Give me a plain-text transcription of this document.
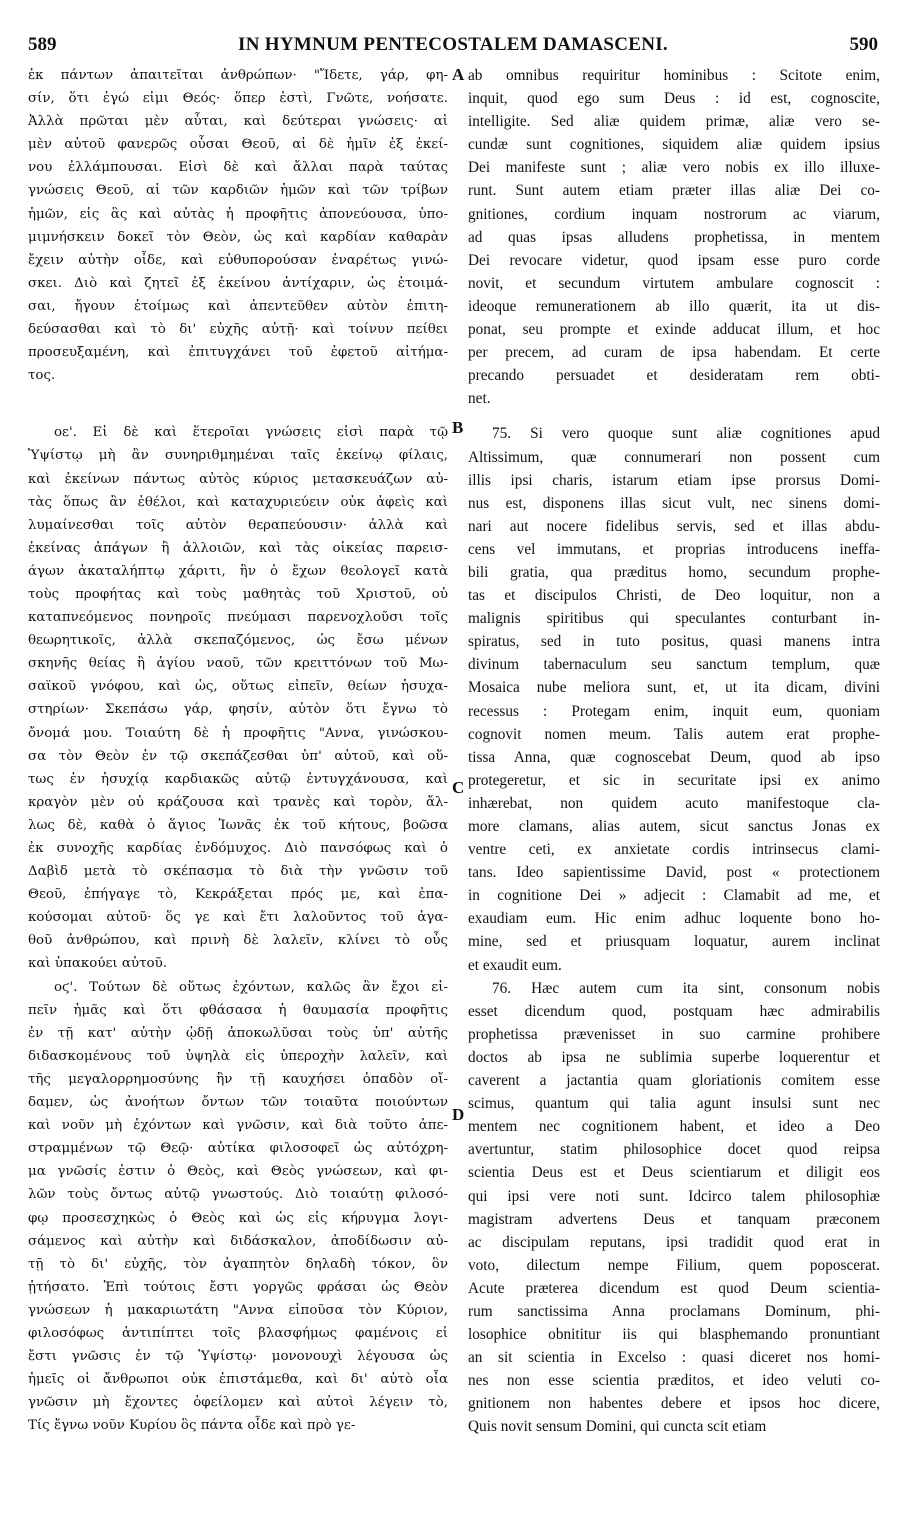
589	IN HYMNUM PENTECOSTALEM DAMASCENI.	590
A
B
C
D
ἐκ πάντων ἀπαιτεῖται ἀνθρώπων· "Ἴδετε, γάρ, φη-
σίν, ὅτι ἐγώ εἰμι Θεός· ὅπερ ἐστὶ, Γνῶτε, νοήσατε.
Ἀλλὰ πρῶται μὲν αὗται, καὶ δεύτεραι γνώσεις· αἱ
μὲν αὐτοῦ φανερῶς οὖσαι Θεοῦ, αἱ δὲ ἡμῖν ἐξ ἐκεί-
νου ἐλλάμπουσαι. Εἰσὶ δὲ καὶ ἄλλαι παρὰ ταύτας
γνώσεις Θεοῦ, αἱ τῶν καρδιῶν ἡμῶν καὶ τῶν τρίβων
ἡμῶν, εἰς ἃς καὶ αὐτὰς ἡ προφῆτις ἀπονεύουσα, ὑπο-
μιμνήσκειν δοκεῖ τὸν Θεὸν, ὡς καὶ καρδίαν καθαρὰν
ἔχειν αὐτὴν οἶδε, καὶ εὐθυπορούσαν ἐναρέτως γινώ-
σκει. Διὸ καὶ ζητεῖ ἐξ ἐκείνου ἀντίχαριν, ὡς ἑτοιμά-
σαι, ἤγουν ἑτοίμως καὶ ἀπεντεῦθεν αὐτὸν ἐπιτη-
δεύσασθαι καὶ τὸ δι' εὐχῆς αὐτῇ· καὶ τοίνυν πείθει
προσευξαμένη, καὶ ἐπιτυγχάνει τοῦ ἐφετοῦ αἰτήμα-
τος.
οε'. Εἰ δὲ καὶ ἕτεροῖαι γνώσεις εἰσὶ παρὰ τῷ
Ὑψίστῳ μὴ ἂν συνηριθμημέναι ταῖς ἐκείνῳ φίλαις,
καὶ ἐκείνων πάντως αὐτὸς κύριος μετασκευάζων αὐ-
τὰς ὅπως ἂν ἐθέλοι, καὶ καταχυριεύειν οὐκ ἀφεὶς καὶ
λυμαίνεσθαι τοῖς αὐτὸν θεραπεύουσιν· ἀλλὰ καὶ
ἐκείνας ἀπάγων ἢ ἀλλοιῶν, καὶ τὰς οἰκείας παρεισ-
άγων ἀκαταλήπτῳ χάριτι, ἣν ὁ ἔχων θεολογεῖ κατὰ
τοὺς προφήτας καὶ τοὺς μαθητὰς τοῦ Χριστοῦ, οὐ
καταπνεόμενος πονηροῖς πνεύμασι παρενοχλοῦσι τοῖς
θεωρητικοῖς, ἀλλὰ σκεπαζόμενος, ὡς ἔσω μένων
σκηνῆς θείας ἢ ἁγίου ναοῦ, τῶν κρειττόνων τοῦ Μω-
σαϊκοῦ γνόφου, καὶ ὡς, οὕτως εἰπεῖν, θείων ἡσυχα-
στηρίων· Σκεπάσω γάρ, φησίν, αὐτὸν ὅτι ἔγνω τὸ
ὄνομά μου. Τοιαύτη δὲ ἡ προφῆτις "Αννα, γινώσκου-
σα τὸν Θεὸν ἐν τῷ σκεπάζεσθαι ὑπ' αὐτοῦ, καὶ οὕ-
τως ἐν ἡσυχίᾳ καρδιακῶς αὐτῷ ἐντυγχάνουσα, καὶ
κραγὸν μὲν οὐ κράζουσα καὶ τρανὲς καὶ τορὸν, ἄλ-
λως δὲ, καθὰ ὁ ἅγιος Ἰωνᾶς ἐκ τοῦ κήτους, βοῶσα
ἐκ συνοχῆς καρδίας ἐνδόμυχος. Διὸ πανσόφως καὶ ὁ
Δαβὶδ μετὰ τὸ σκέπασμα τὸ διὰ τὴν γνῶσιν τοῦ
Θεοῦ, ἐπήγαγε τὸ, Κεκράξεται πρός με, καὶ ἐπα-
κούσομαι αὐτοῦ· ὅς γε καὶ ἔτι λαλοῦντος τοῦ ἀγα-
θοῦ ἀνθρώπου, καὶ πρινὴ δὲ λαλεῖν, κλίνει τὸ οὖς
καὶ ὑπακούει αὐτοῦ.
οϛ'. Τούτων δὲ οὕτως ἐχόντων, καλῶς ἂν ἔχοι εἰ-
πεῖν ἡμᾶς καὶ ὅτι φθάσασα ἡ θαυμασία προφῆτις
ἐν τῇ κατ' αὐτὴν ᾠδῇ ἀποκωλῦσαι τοὺς ὑπ' αὐτῆς
διδασκομένους τοῦ ὑψηλὰ εἰς ὑπεροχὴν λαλεῖν, καὶ
τῆς μεγαλορρημοσύνης ἣν τῇ καυχήσει ὀπαδὸν οἴ-
δαμεν, ὡς ἀνοήτων ὄντων τῶν τοιαῦτα ποιούντων
καὶ νοῦν μὴ ἐχόντων καὶ γνῶσιν, καὶ διὰ τοῦτο ἀπε-
στραμμένων τῷ Θεῷ· αὐτίκα φιλοσοφεῖ ὡς αὐτόχρη-
μα γνῶσίς ἐστιν ὁ Θεὸς, καὶ Θεὸς γνώσεων, καὶ φι-
λῶν τοὺς ὄντως αὐτῷ γνωστούς. Διὸ τοιαύτῃ φιλοσό-
φῳ προσεσχηκὼς ὁ Θεὸς καὶ ὡς εἰς κήρυγμα λογι-
σάμενος καὶ αὐτὴν καὶ διδάσκαλον, ἀποδίδωσιν αὐ-
τῇ τὸ δι' εὐχῆς, τὸν ἀγαπητὸν δηλαδὴ τόκον, ὃν
ᾐτήσατο. Ἐπὶ τούτοις ἔστι γοργῶς φράσαι ὡς Θεὸν
γνώσεων ἡ μακαριωτάτη "Αννα εἰποῦσα τὸν Κύριον,
φιλοσόφως ἀντιπίπτει τοῖς βλασφήμως φαμένοις εἰ
ἔστι γνῶσις ἐν τῷ Ὑψίστῳ· μονονουχὶ λέγουσα ὡς
ἡμεῖς οἱ ἄνθρωποι οὐκ ἐπιστάμεθα, καὶ δι' αὐτὸ οἷα
γνῶσιν μὴ ἔχοντες ὀφείλομεν καὶ αὐτοὶ λέγειν τὸ,
Τίς ἔγνω νοῦν Κυρίου ὃς πάντα οἶδε καὶ πρὸ γε-
ab omnibus requiritur hominibus : Scitote enim,
inquit, quod ego sum Deus : id est, cognoscite,
intelligite. Sed aliæ quidem primæ, aliæ vero se-
cundæ sunt cognitiones, siquidem aliæ quidem ipsius
Dei manifeste sunt ; aliæ vero nobis ex illo illuxe-
runt. Sunt autem etiam præter illas aliæ Dei co-
gnitiones, cordium inquam nostrorum ac viarum,
ad quas ipsas alludens prophetissa, in mentem
Dei revocare videtur, quod ipsam esse puro corde
novit, et secundum virtutem ambulare cognoscit :
ideoque remunerationem ab illo quærit, ita ut dis-
ponat, seu prompte et exinde adducat illum, et hoc
per precem, ad curam de ipsa habendam. Et certe
precando persuadet et desideratam rem obti-
net.
75. Si vero quoque sunt aliæ cognitiones apud
Altissimum, quæ connumerari non possent cum
illis ipsi charis, istarum etiam ipse prorsus Domi-
nus est, disponens illas sicut vult, nec sinens domi-
nari aut nocere fidelibus servis, sed et illas abdu-
cens vel immutans, et proprias introducens ineffa-
bili gratia, qua præditus homo, secundum prophe-
tas et discipulos Christi, de Deo loquitur, non a
malignis spiritibus qui speculantes conturbant in-
spiratus, sed in tuto positus, quasi manens intra
divinum tabernaculum seu sanctum templum, quæ
Mosaica nube meliora sunt, et, ut ita dicam, divini
recessus : Protegam enim, inquit eum, quoniam
cognovit nomen meum. Talis autem erat prophe-
tissa Anna, quæ cognoscebat Deum, quod ab ipso
protegeretur, et sic in securitate ipsi ex animo
inhærebat, non quidem acuto manifestoque cla-
more clamans, alias autem, sicut sanctus Jonas ex
ventre ceti, ex anxietate cordis intrinsecus clami-
tans. Ideo sapientissime David, post « protectionem
in cognitione Dei » adjecit : Clamabit ad me, et
exaudiam eum. Hic enim adhuc loquente bono ho-
mine, sed et priusquam loquatur, aurem inclinat
et exaudit eum.
76. Hæc autem cum ita sint, consonum nobis
esset dicendum quod, postquam hæc admirabilis
prophetissa prævenisset in suo carmine prohibere
doctos ab ipsa ne sublimia superbe loquerentur et
caverent a jactantia quam gloriationis comitem esse
scimus, quantum qui talia agunt insulsi sunt nec
mentem nec cognitionem habent, et ideo a Deo
avertuntur, statim philosophice docet quod reipsa
scientia Deus est et Deus scientiarum et diligit eos
qui ipsi vere noti sunt. Idcirco talem philosophiæ
magistram advertens Deus et tanquam præconem
ac discipulam reputans, ipsi tradidit quod erat in
voto, dilectum nempe Filium, quem poposcerat.
Acute præterea dicendum est quod Deum scientia-
rum sanctissima Anna proclamans Dominum, phi-
losophice obnititur iis qui blasphemando pronuntiant
an sit scientia in Excelso : quasi diceret nos homi-
nes non esse scientia præditos, et ideo veluti co-
gnitionem non habentes debere et ipsos hoc dicere,
Quis novit sensum Domini, qui cuncta scit etiam
